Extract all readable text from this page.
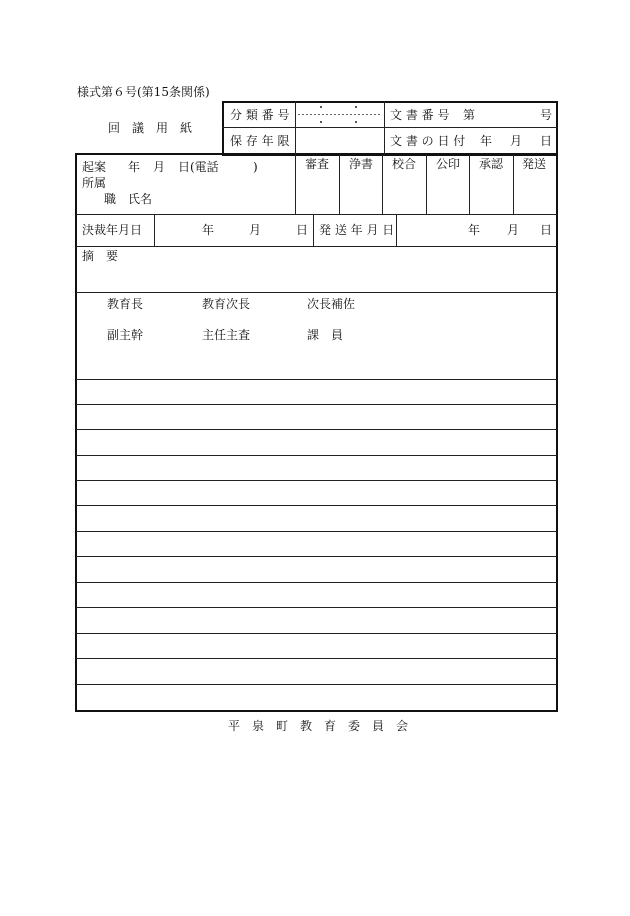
様式第６号(第15条関係)
回　議　用　紙
分 類 番 号
保 存 年 限
文 書 番 号 第	号
文 書 の 日 付 年 月 日
起案 年 月 日(電話	)
所属
職　氏名
審査 浄書 校合 公印 承認 発送
決裁年月日	年	月	日 発 送 年 月 日	年 月 日
摘　要
教育長	教育次長	次長補佐
副主幹	主任主査	課　員
平　泉　町　教　育　委　員　会
